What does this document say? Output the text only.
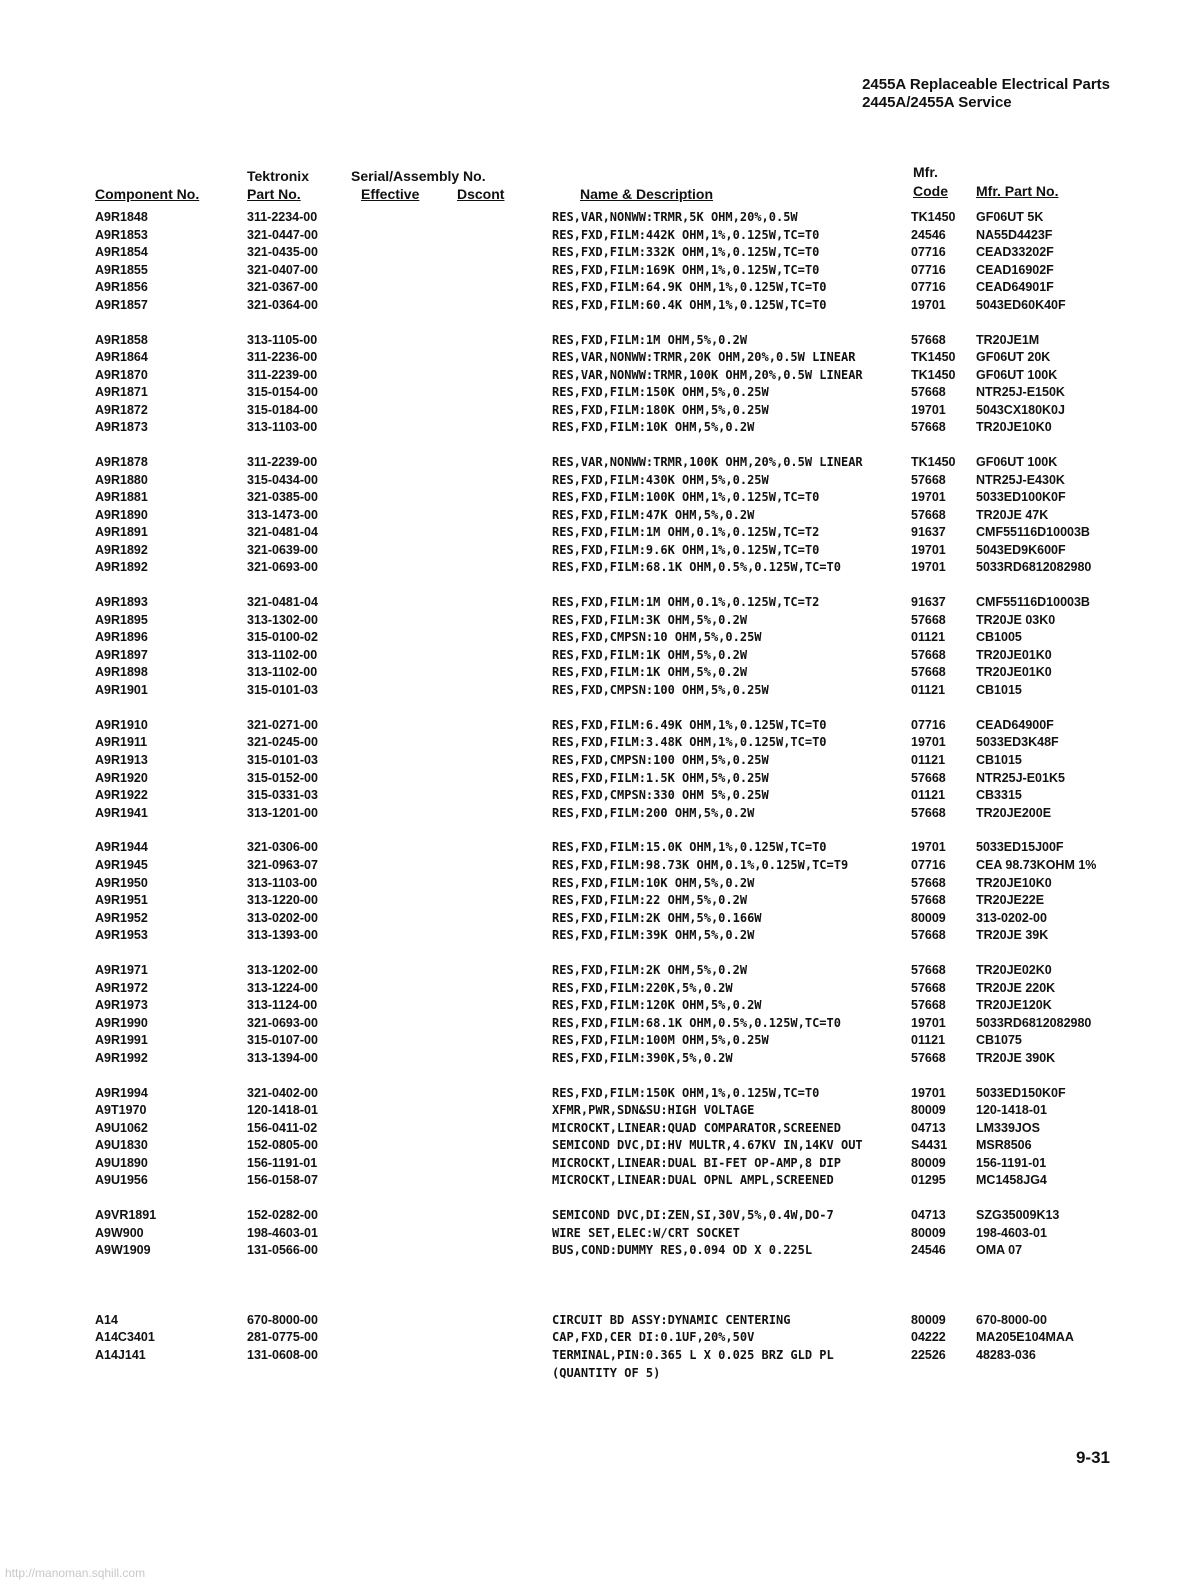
2455A Replaceable Electrical Parts
2445A/2455A Service
Tektronix	Serial/Assembly No.	Mfr.
Component No.	Part No.	Effective	Dscont	Name & Description	Code Mfr. Part No.
A9R1848	311-2234-00	RES,VAR,NONWW:TRMR,5K OHM,20%,0.5W	TK1450 GF06UT 5K
A9R1853	321-0447-00	RES,FXD,FILM:442K OHM,1%,0.125W,TC=T0	24546 NA55D4423F
A9R1854	321-0435-00	RES,FXD,FILM:332K OHM,1%,0.125W,TC=T0	07716 CEAD33202F
A9R1855	321-0407-00	RES,FXD,FILM:169K OHM,1%,0.125W,TC=T0	07716 CEAD16902F
A9R1856	321-0367-00	RES,FXD,FILM:64.9K OHM,1%,0.125W,TC=T0	07716 CEAD64901F
A9R1857	321-0364-00	RES,FXD,FILM:60.4K OHM,1%,0.125W,TC=T0	19701 5043ED60K40F
A9R1858	313-1105-00	RES,FXD,FILM:1M OHM,5%,0.2W	57668 TR20JE1M
A9R1864	311-2236-00	RES,VAR,NONWW:TRMR,20K OHM,20%,0.5W LINEAR	TK1450 GF06UT 20K
A9R1870	311-2239-00	RES,VAR,NONWW:TRMR,100K OHM,20%,0.5W LINEAR	TK1450 GF06UT 100K
A9R1871	315-0154-00	RES,FXD,FILM:150K OHM,5%,0.25W	57668 NTR25J-E150K
A9R1872	315-0184-00	RES,FXD,FILM:180K OHM,5%,0.25W	19701 5043CX180K0J
A9R1873	313-1103-00	RES,FXD,FILM:10K OHM,5%,0.2W	57668 TR20JE10K0
A9R1878	311-2239-00	RES,VAR,NONWW:TRMR,100K OHM,20%,0.5W LINEAR	TK1450 GF06UT 100K
A9R1880	315-0434-00	RES,FXD,FILM:430K OHM,5%,0.25W	57668 NTR25J-E430K
A9R1881	321-0385-00	RES,FXD,FILM:100K OHM,1%,0.125W,TC=T0	19701 5033ED100K0F
A9R1890	313-1473-00	RES,FXD,FILM:47K OHM,5%,0.2W	57668 TR20JE 47K
A9R1891	321-0481-04	RES,FXD,FILM:1M OHM,0.1%,0.125W,TC=T2	91637 CMF55116D10003B
A9R1892	321-0639-00	RES,FXD,FILM:9.6K OHM,1%,0.125W,TC=T0	19701 5043ED9K600F
A9R1892	321-0693-00	RES,FXD,FILM:68.1K OHM,0.5%,0.125W,TC=T0	19701 5033RD6812082980
A9R1893	321-0481-04	RES,FXD,FILM:1M OHM,0.1%,0.125W,TC=T2	91637 CMF55116D10003B
A9R1895	313-1302-00	RES,FXD,FILM:3K OHM,5%,0.2W	57668 TR20JE 03K0
A9R1896	315-0100-02	RES,FXD,CMPSN:10 OHM,5%,0.25W	01121 CB1005
A9R1897	313-1102-00	RES,FXD,FILM:1K OHM,5%,0.2W	57668 TR20JE01K0
A9R1898	313-1102-00	RES,FXD,FILM:1K OHM,5%,0.2W	57668 TR20JE01K0
A9R1901	315-0101-03	RES,FXD,CMPSN:100 OHM,5%,0.25W	01121 CB1015
A9R1910	321-0271-00	RES,FXD,FILM:6.49K OHM,1%,0.125W,TC=T0	07716 CEAD64900F
A9R1911	321-0245-00	RES,FXD,FILM:3.48K OHM,1%,0.125W,TC=T0	19701 5033ED3K48F
A9R1913	315-0101-03	RES,FXD,CMPSN:100 OHM,5%,0.25W	01121 CB1015
A9R1920	315-0152-00	RES,FXD,FILM:1.5K OHM,5%,0.25W	57668 NTR25J-E01K5
A9R1922	315-0331-03	RES,FXD,CMPSN:330 OHM 5%,0.25W	01121 CB3315
A9R1941	313-1201-00	RES,FXD,FILM:200 OHM,5%,0.2W	57668 TR20JE200E
A9R1944	321-0306-00	RES,FXD,FILM:15.0K OHM,1%,0.125W,TC=T0	19701 5033ED15J00F
A9R1945	321-0963-07	RES,FXD,FILM:98.73K OHM,0.1%,0.125W,TC=T9	07716 CEA 98.73KOHM 1%
A9R1950	313-1103-00	RES,FXD,FILM:10K OHM,5%,0.2W	57668 TR20JE10K0
A9R1951	313-1220-00	RES,FXD,FILM:22 OHM,5%,0.2W	57668 TR20JE22E
A9R1952	313-0202-00	RES,FXD,FILM:2K OHM,5%,0.166W	80009 313-0202-00
A9R1953	313-1393-00	RES,FXD,FILM:39K OHM,5%,0.2W	57668 TR20JE 39K
A9R1971	313-1202-00	RES,FXD,FILM:2K OHM,5%,0.2W	57668 TR20JE02K0
A9R1972	313-1224-00	RES,FXD,FILM:220K,5%,0.2W	57668 TR20JE 220K
A9R1973	313-1124-00	RES,FXD,FILM:120K OHM,5%,0.2W	57668 TR20JE120K
A9R1990	321-0693-00	RES,FXD,FILM:68.1K OHM,0.5%,0.125W,TC=T0	19701 5033RD6812082980
A9R1991	315-0107-00	RES,FXD,FILM:100M OHM,5%,0.25W	01121 CB1075
A9R1992	313-1394-00	RES,FXD,FILM:390K,5%,0.2W	57668 TR20JE 390K
A9R1994	321-0402-00	RES,FXD,FILM:150K OHM,1%,0.125W,TC=T0	19701 5033ED150K0F
A9T1970	120-1418-01	XFMR,PWR,SDN&SU:HIGH VOLTAGE	80009 120-1418-01
A9U1062	156-0411-02	MICROCKT,LINEAR:QUAD COMPARATOR,SCREENED	04713 LM339JOS
A9U1830	152-0805-00	SEMICOND DVC,DI:HV MULTR,4.67KV IN,14KV OUT	S4431 MSR8506
A9U1890	156-1191-01	MICROCKT,LINEAR:DUAL BI-FET OP-AMP,8 DIP	80009 156-1191-01
A9U1956	156-0158-07	MICROCKT,LINEAR:DUAL OPNL AMPL,SCREENED	01295 MC1458JG4
A9VR1891	152-0282-00	SEMICOND DVC,DI:ZEN,SI,30V,5%,0.4W,DO-7	04713 SZG35009K13
A9W900	198-4603-01	WIRE SET,ELEC:W/CRT SOCKET	80009 198-4603-01
A9W1909	131-0566-00	BUS,COND:DUMMY RES,0.094 OD X 0.225L	24546 OMA 07
A14	670-8000-00	CIRCUIT BD ASSY:DYNAMIC CENTERING	80009 670-8000-00
A14C3401	281-0775-00	CAP,FXD,CER DI:0.1UF,20%,50V	04222 MA205E104MAA
A14J141	131-0608-00	TERMINAL,PIN:0.365 L X 0.025 BRZ GLD PL	22526 48283-036
(QUANTITY OF 5)
9-31
http://manoman.sqhill.com
